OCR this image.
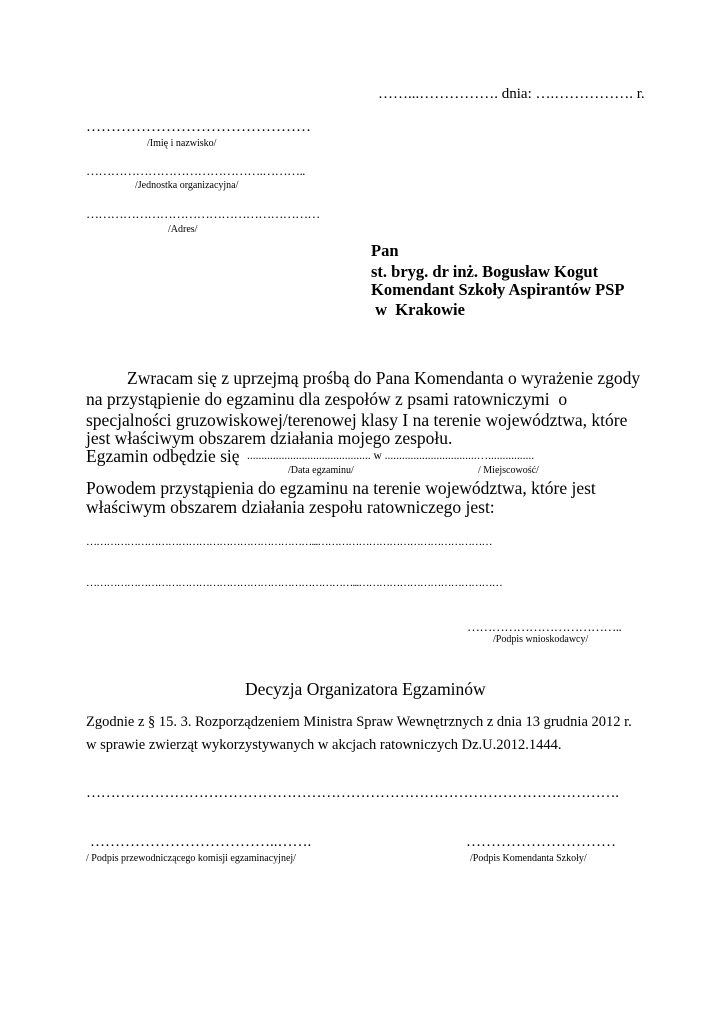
……...……………. dnia: ….……………. r.
………………………………………
/Imię i nazwisko/
…………………………………….………..
/Jednostka organizacyjna/
…………………………………………………
/Adres/
Pan
st. bryg. dr inż. Bogusław Kogut
Komendant Szkoły Aspirantów PSP
w  Krakowie
Zwracam się z uprzejmą prośbą do Pana Komendanta o wyrażenie zgody
na przystąpienie do egzaminu dla zespołów z psami ratowniczymi  o
specjalności gruzowiskowej/terenowej klasy I na terenie województwa, które
jest właściwym obszarem działania mojego zespołu.
Egzamin odbędzie się ........................................... w ................................…................
/Data egzaminu/	/ Miejscowość/
Powodem przystąpienia do egzaminu na terenie województwa, które jest
właściwym obszarem działania zespołu ratowniczego jest:
…………………………………………………………...……………………………………………
……………………………………………………………………...……………………………………
………………………………..
/Podpis wnioskodawcy/
Decyzja Organizatora Egzaminów
Zgodnie z § 15. 3. Rozporządzeniem Ministra Spraw Wewnętrznych z dnia 13 grudnia 2012 r.
w sprawie zwierząt wykorzystywanych w akcjach ratowniczych Dz.U.2012.1444.
……………………………………………………………………………………………….
………………………………..…….
/ Podpis przewodniczącego komisji egzaminacyjnej/
…………………………
/Podpis Komendanta Szkoły/
